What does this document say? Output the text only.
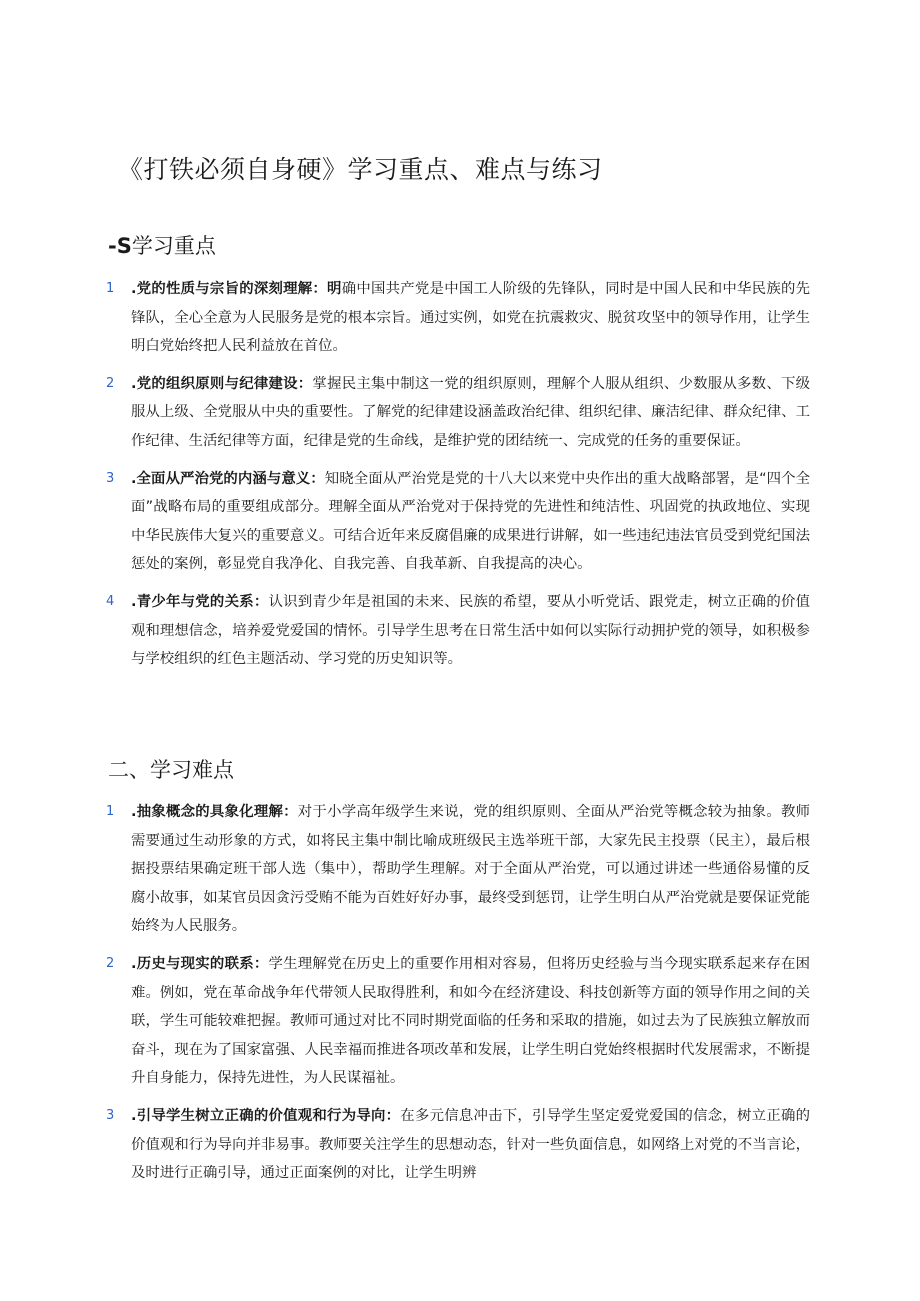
《打铁必须自身硬》学习重点、难点与练习
-S学习重点
1	.党的性质与宗旨的深刻理解：明确中国共产党是中国工人阶级的先锋队，同时是中国人民和中华民族的先锋队，全心全意为人民服务是党的根本宗旨。通过实例，如党在抗震救灾、脱贫攻坚中的领导作用，让学生明白党始终把人民利益放在首位。
2	.党的组织原则与纪律建设：掌握民主集中制这一党的组织原则，理解个人服从组织、少数服从多数、下级服从上级、全党服从中央的重要性。了解党的纪律建设涵盖政治纪律、组织纪律、廉洁纪律、群众纪律、工作纪律、生活纪律等方面，纪律是党的生命线，是维护党的团结统一、完成党的任务的重要保证。
3	.全面从严治党的内涵与意义：知晓全面从严治党是党的十八大以来党中央作出的重大战略部署，是“四个全面”战略布局的重要组成部分。理解全面从严治党对于保持党的先进性和纯洁性、巩固党的执政地位、实现中华民族伟大复兴的重要意义。可结合近年来反腐倡廉的成果进行讲解，如一些违纪违法官员受到党纪国法惩处的案例，彰显党自我净化、自我完善、自我革新、自我提高的决心。
4	.青少年与党的关系：认识到青少年是祖国的未来、民族的希望，要从小听党话、跟党走，树立正确的价值观和理想信念，培养爱党爱国的情怀。引导学生思考在日常生活中如何以实际行动拥护党的领导，如积极参与学校组织的红色主题活动、学习党的历史知识等。
二、学习难点
1	.抽象概念的具象化理解：对于小学高年级学生来说，党的组织原则、全面从严治党等概念较为抽象。教师需要通过生动形象的方式，如将民主集中制比喻成班级民主选举班干部，大家先民主投票（民主），最后根据投票结果确定班干部人选（集中），帮助学生理解。对于全面从严治党，可以通过讲述一些通俗易懂的反腐小故事，如某官员因贪污受贿不能为百姓好好办事，最终受到惩罚，让学生明白从严治党就是要保证党能始终为人民服务。
2	.历史与现实的联系：学生理解党在历史上的重要作用相对容易，但将历史经验与当今现实联系起来存在困难。例如，党在革命战争年代带领人民取得胜利，和如今在经济建设、科技创新等方面的领导作用之间的关联，学生可能较难把握。教师可通过对比不同时期党面临的任务和采取的措施，如过去为了民族独立解放而奋斗，现在为了国家富强、人民幸福而推进各项改革和发展，让学生明白党始终根据时代发展需求，不断提升自身能力，保持先进性，为人民谋福祉。
3	.引导学生树立正确的价值观和行为导向：在多元信息冲击下，引导学生坚定爱党爱国的信念，树立正确的价值观和行为导向并非易事。教师要关注学生的思想动态，针对一些负面信息，如网络上对党的不当言论，及时进行正确引导，通过正面案例的对比，让学生明辨
